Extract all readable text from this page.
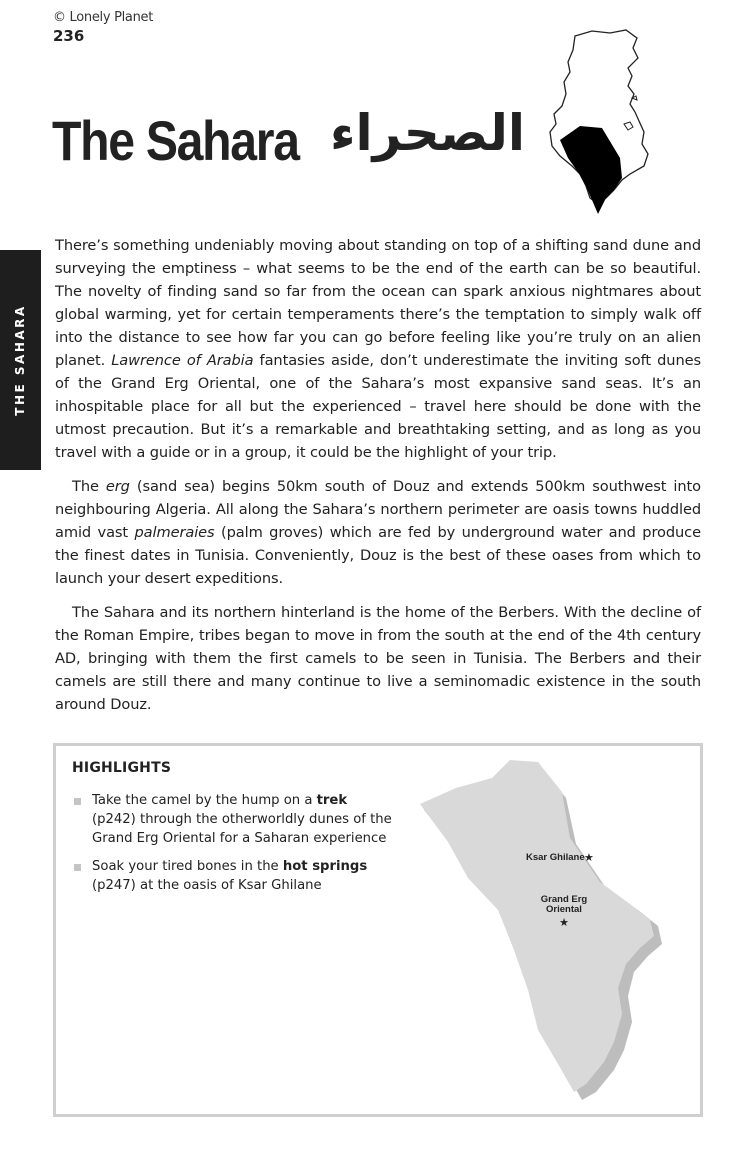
© Lonely Planet
236
The Sahara الصحراء
THE SAHARA

There’s something undeniably moving about standing on top of a shifting sand dune and surveying the emptiness – what seems to be the end of the earth can be so beautiful. The novelty of finding sand so far from the ocean can spark anxious nightmares about global warming, yet for certain temperaments there’s the temptation to simply walk off into the distance to see how far you can go before feeling like you’re truly on an alien planet. Lawrence of Arabia fantasies aside, don’t underestimate the inviting soft dunes of the Grand Erg Oriental, one of the Sahara’s most expansive sand seas. It’s an inhospitable place for all but the experienced – travel here should be done with the utmost precaution. But it’s a remarkable and breathtaking setting, and as long as you travel with a guide or in a group, it could be the highlight of your trip.

The erg (sand sea) begins 50km south of Douz and extends 500km southwest into neighbouring Algeria. All along the Sahara’s northern perimeter are oasis towns huddled amid vast palmeraies (palm groves) which are fed by underground water and produce the finest dates in Tunisia. Conveniently, Douz is the best of these oases from which to launch your desert expeditions.

The Sahara and its northern hinterland is the home of the Berbers. With the decline of the Roman Empire, tribes began to move in from the south at the end of the 4th century AD, bringing with them the first camels to be seen in Tunisia. The Berbers and their camels are still there and many continue to live a seminomadic existence in the south around Douz.

HIGHLIGHTS
Take the camel by the hump on a trek (p242) through the otherworldly dunes of the Grand Erg Oriental for a Saharan experience
Soak your tired bones in the hot springs (p247) at the oasis of Ksar Ghilane
Ksar Ghilane ★
Grand Erg
Oriental
★
